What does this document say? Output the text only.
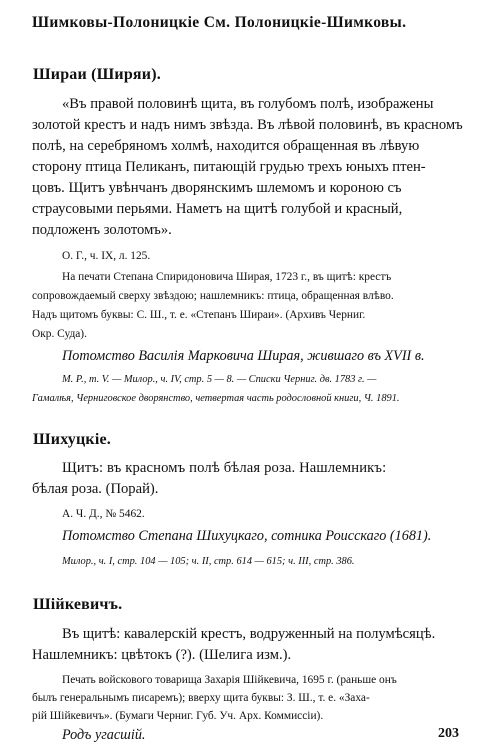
Шимковы-Полоницкіе См. Полоницкіе-Шимковы.
Шираи (Ширяи).
«Въ правой половинѣ щита, въ голубомъ полѣ, изображены
золотой крестъ и надъ нимъ звѣзда. Въ лѣвой половинѣ, въ красномъ
полѣ, на серебряномъ холмѣ, находится обращенная въ лѣвую
сторону птица Пеликанъ, питающій грудью трехъ юныхъ птен-
цовъ. Щитъ увѣнчанъ дворянскимъ шлемомъ и короною съ
страусовыми перьями. Наметъ на щитѣ голубой и красный,
подложенъ золотомъ».
О. Г., ч. IX, л. 125.
На печати Степана Спиридоновича Ширая, 1723 г., въ щитѣ: крестъ
сопровождаемый сверху звѣздою; нашлемникъ: птица, обращенная влѣво.
Надъ щитомъ буквы: С. Ш., т. е. «Степанъ Шираи». (Архивъ Черниг.
Окр. Суда).
Потомство Василія Марковича Ширая, жившаго въ XVII в.
М. Р., т. V. — Милор., ч. IV, стр. 5 — 8. — Списки Черниг. дв. 1783 г. —
Гамалѣя, Черниговское дворянство, четвертая часть родословной книги, Ч. 1891.
Шихуцкіе.
Щитъ: въ красномъ полѣ бѣлая роза. Нашлемникъ:
бѣлая роза. (Порай).
А. Ч. Д., № 5462.
Потомство Степана Шихуцкаго, сотника Роисскаго (1681).
Милор., ч. I, стр. 104 — 105; ч. II, стр. 614 — 615; ч. III, стр. 386.
Шійкевичъ.
Въ щитѣ: кавалерскій крестъ, водруженный на полумѣсяцѣ.
Нашлемникъ: цвѣтокъ (?). (Шелига изм.).
Печать войскового товарища Захарія Шійкевича, 1695 г. (раньше онъ
былъ генеральнымъ писаремъ); вверху щита буквы: З. Ш., т. е. «Заха-
рій Шійкевичъ». (Бумаги Черниг. Губ. Уч. Арх. Коммиссіи).
Родъ угасшій.	203
